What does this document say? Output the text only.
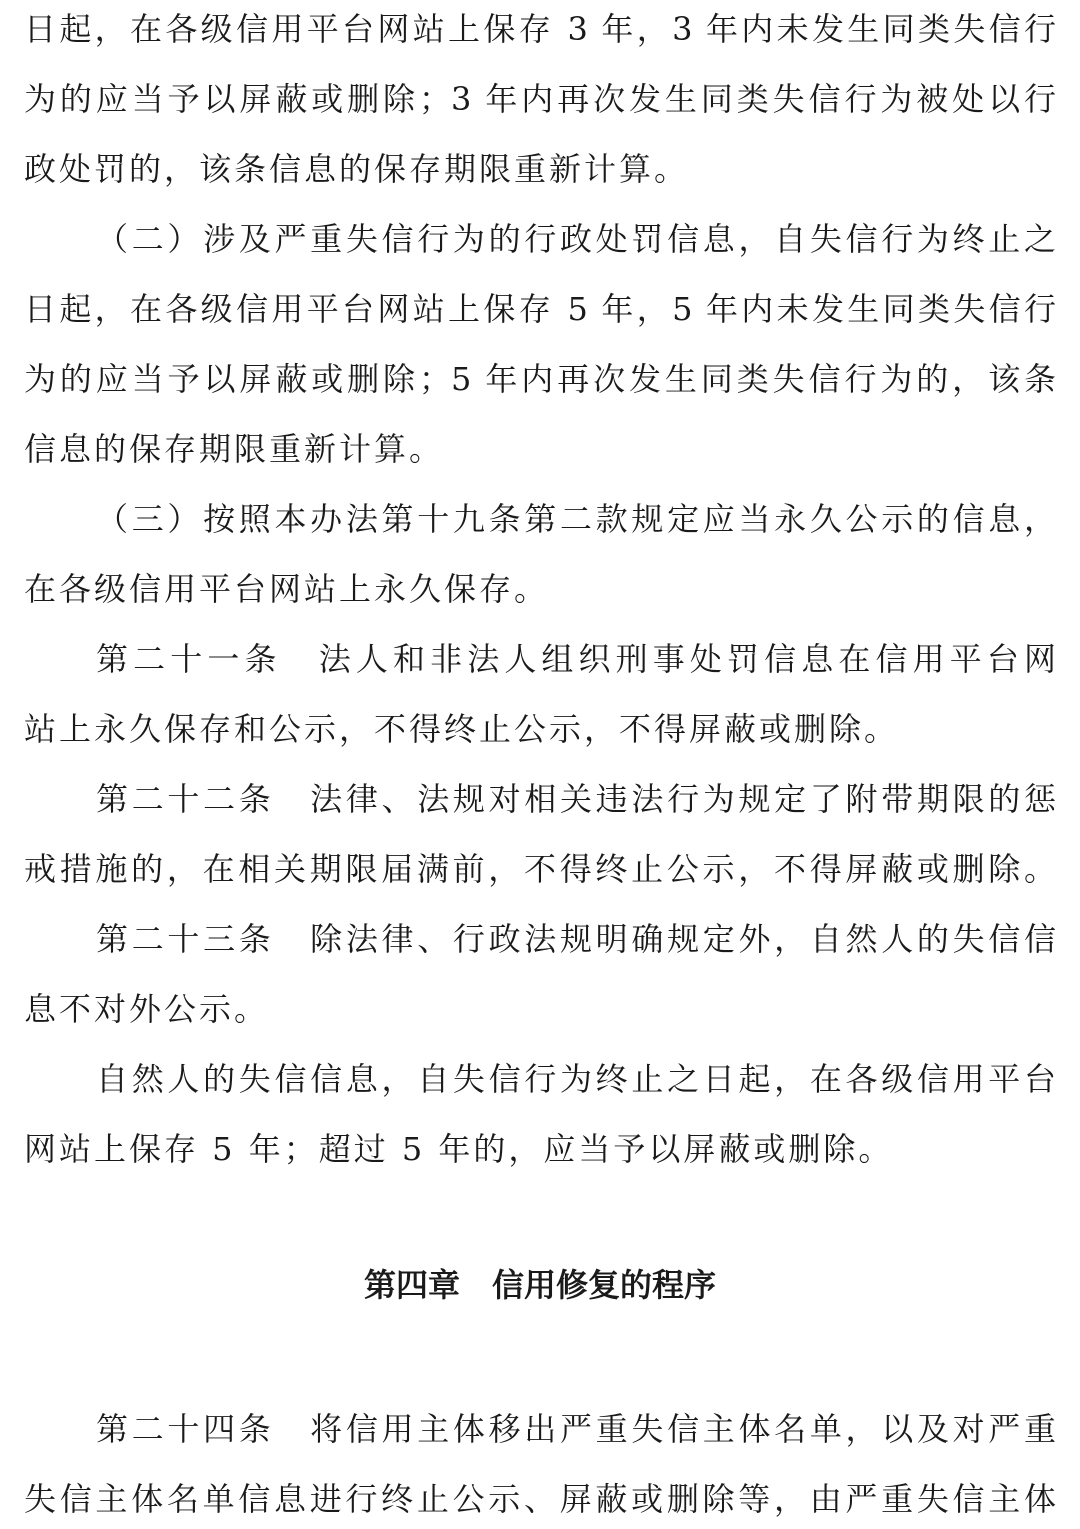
日起，在各级信用平台网站上保存 3 年，3 年内未发生同类失信行
为的应当予以屏蔽或删除；3 年内再次发生同类失信行为被处以行
政处罚的，该条信息的保存期限重新计算。
（二）涉及严重失信行为的行政处罚信息，自失信行为终止之
日起，在各级信用平台网站上保存 5 年，5 年内未发生同类失信行
为的应当予以屏蔽或删除；5 年内再次发生同类失信行为的，该条
信息的保存期限重新计算。
（三）按照本办法第十九条第二款规定应当永久公示的信息，
在各级信用平台网站上永久保存。
第二十一条　法人和非法人组织刑事处罚信息在信用平台网
站上永久保存和公示，不得终止公示，不得屏蔽或删除。
第二十二条　法律、法规对相关违法行为规定了附带期限的惩
戒措施的，在相关期限届满前，不得终止公示，不得屏蔽或删除。
第二十三条　除法律、行政法规明确规定外，自然人的失信信
息不对外公示。
自然人的失信信息，自失信行为终止之日起，在各级信用平台
网站上保存 5 年；超过 5 年的，应当予以屏蔽或删除。
第四章　信用修复的程序
第二十四条　将信用主体移出严重失信主体名单，以及对严重
失信主体名单信息进行终止公示、屏蔽或删除等，由严重失信主体
